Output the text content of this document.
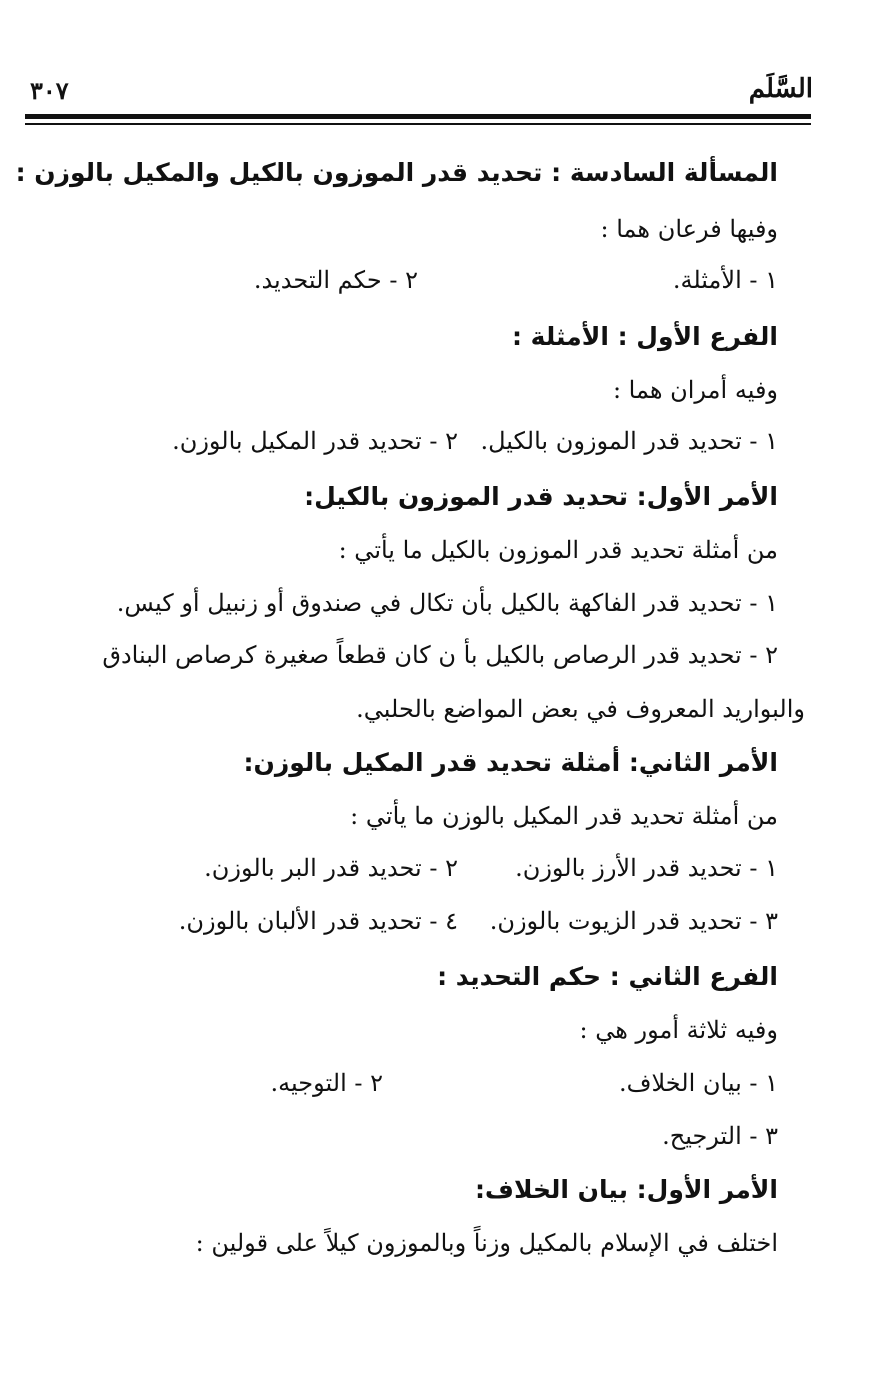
٣٠٧	السَّلَم
المسألة السادسة : تحديد قدر الموزون بالكيل والمكيل بالوزن :
وفيها فرعان هما :
١ - الأمثلة.
٢ - حكم التحديد.
الفرع الأول : الأمثلة :
وفيه أمران هما :
١ - تحديد قدر الموزون بالكيل.
٢ - تحديد قدر المكيل بالوزن.
الأمر الأول: تحديد قدر الموزون بالكيل:
من أمثلة تحديد قدر الموزون بالكيل ما يأتي :
١ - تحديد قدر الفاكهة بالكيل بأن تكال في صندوق أو زنبيل أو كيس.
٢ - تحديد قدر الرصاص بالكيل بأ ن كان قطعاً صغيرة كرصاص البنادق
والبواريد المعروف في بعض المواضع بالحلبي.
الأمر الثاني: أمثلة تحديد قدر المكيل بالوزن:
من أمثلة تحديد قدر المكيل بالوزن ما يأتي :
١ - تحديد قدر الأرز بالوزن.
٢ - تحديد قدر البر بالوزن.
٣ - تحديد قدر الزيوت بالوزن.
٤ - تحديد قدر الألبان بالوزن.
الفرع الثاني : حكم التحديد :
وفيه ثلاثة أمور هي :
١ - بيان الخلاف.
٢ - التوجيه.
٣ - الترجيح.
الأمر الأول: بيان الخلاف:
اختلف في الإسلام بالمكيل وزناً وبالموزون كيلاً على قولين :
